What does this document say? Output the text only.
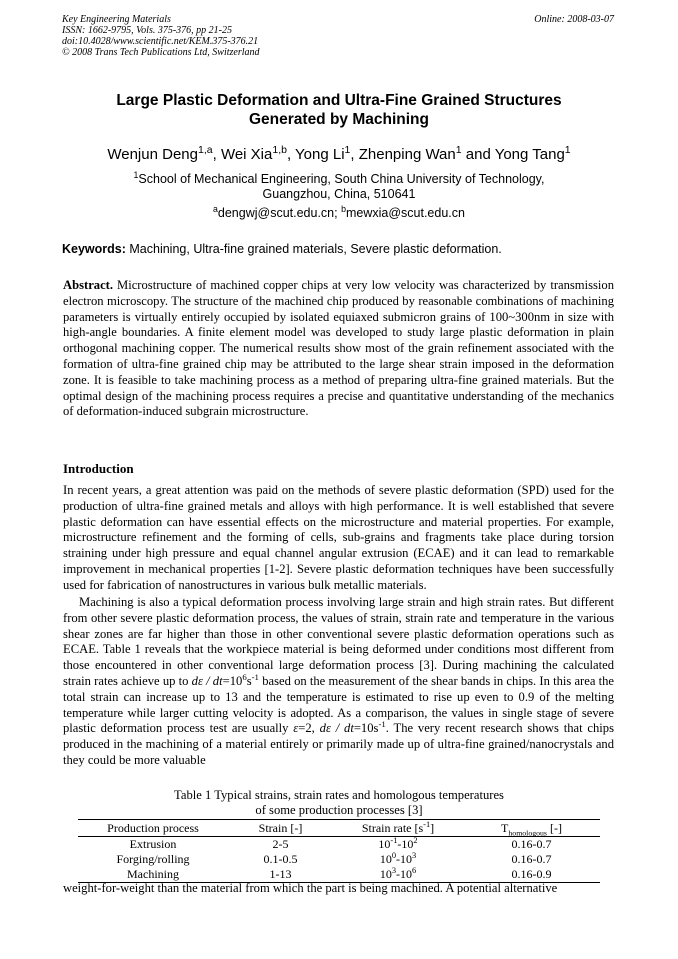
Key Engineering Materials
ISSN: 1662-9795, Vols. 375-376, pp 21-25
doi:10.4028/www.scientific.net/KEM.375-376.21
© 2008 Trans Tech Publications Ltd, Switzerland
Online: 2008-03-07
Large Plastic Deformation and Ultra-Fine Grained Structures
Generated by Machining
Wenjun Deng$^{1,a}$, Wei Xia$^{1,b}$, Yong Li$^1$, Zhenping Wan$^1$ and Yong Tang$^1$
$^1$School of Mechanical Engineering, South China University of Technology,
Guangzhou, China, 510641
$^a$dengwj@scut.edu.cn; $^b$mewxia@scut.edu.cn
Keywords: Machining, Ultra-fine grained materials, Severe plastic deformation.
Abstract. Microstructure of machined copper chips at very low velocity was characterized by transmission electron microscopy. The structure of the machined chip produced by reasonable combinations of machining parameters is virtually entirely occupied by isolated equiaxed submicron grains of 100~300nm in size with high-angle boundaries. A finite element model was developed to study large plastic deformation in plain orthogonal machining copper. The numerical results show most of the grain refinement associated with the formation of ultra-fine grained chip may be attributed to the large shear strain imposed in the deformation zone. It is feasible to take machining process as a method of preparing ultra-fine grained materials. But the optimal design of the machining process requires a precise and quantitative understanding of the mechanics of deformation-induced subgrain microstructure.
Introduction
In recent years, a great attention was paid on the methods of severe plastic deformation (SPD) used for the production of ultra-fine grained metals and alloys with high performance. It is well established that severe plastic deformation can have essential effects on the microstructure and material properties. For example, microstructure refinement and the forming of cells, sub-grains and fragments take place during torsion straining under high pressure and equal channel angular extrusion (ECAE) and it can lead to remarkable improvement in mechanical properties [1-2]. Severe plastic deformation techniques have been successfully used for fabrication of nanostructures in various bulk metallic materials.
Machining is also a typical deformation process involving large strain and high strain rates. But different from other severe plastic deformation process, the values of strain, strain rate and temperature in the various shear zones are far higher than those in other conventional severe plastic deformation operations such as ECAE. Table 1 reveals that the workpiece material is being deformed under conditions most different from those encountered in other conventional large deformation process [3]. During machining the calculated strain rates achieve up to $d\varepsilon / dt=10^6s^{-1}$ based on the measurement of the shear bands in chips. In this area the total strain can increase up to 13 and the temperature is estimated to rise up even to 0.9 of the melting temperature while larger cutting velocity is adopted. As a comparison, the values in single stage of severe plastic deformation process test are usually ε=2, $d\varepsilon / dt=10s^{-1}$. The very recent research shows that chips produced in the machining of a material entirely or primarily made up of ultra-fine grained/nanocrystals and they could be more valuable
Table 1 Typical strains, strain rates and homologous temperatures
of some production processes [3]
Production process	Strain [-]	Strain rate $[s^{-1}]$	$T_{homologous}$ [-]
Extrusion	2-5	$10^{-1}-10^2$	0.16-0.7
Forging/rolling	0.1-0.5	$10^0-10^3$	0.16-0.7
Machining	1-13	$10^3-10^6$	0.16-0.9
weight-for-weight than the material from which the part is being machined. A potential alternative
